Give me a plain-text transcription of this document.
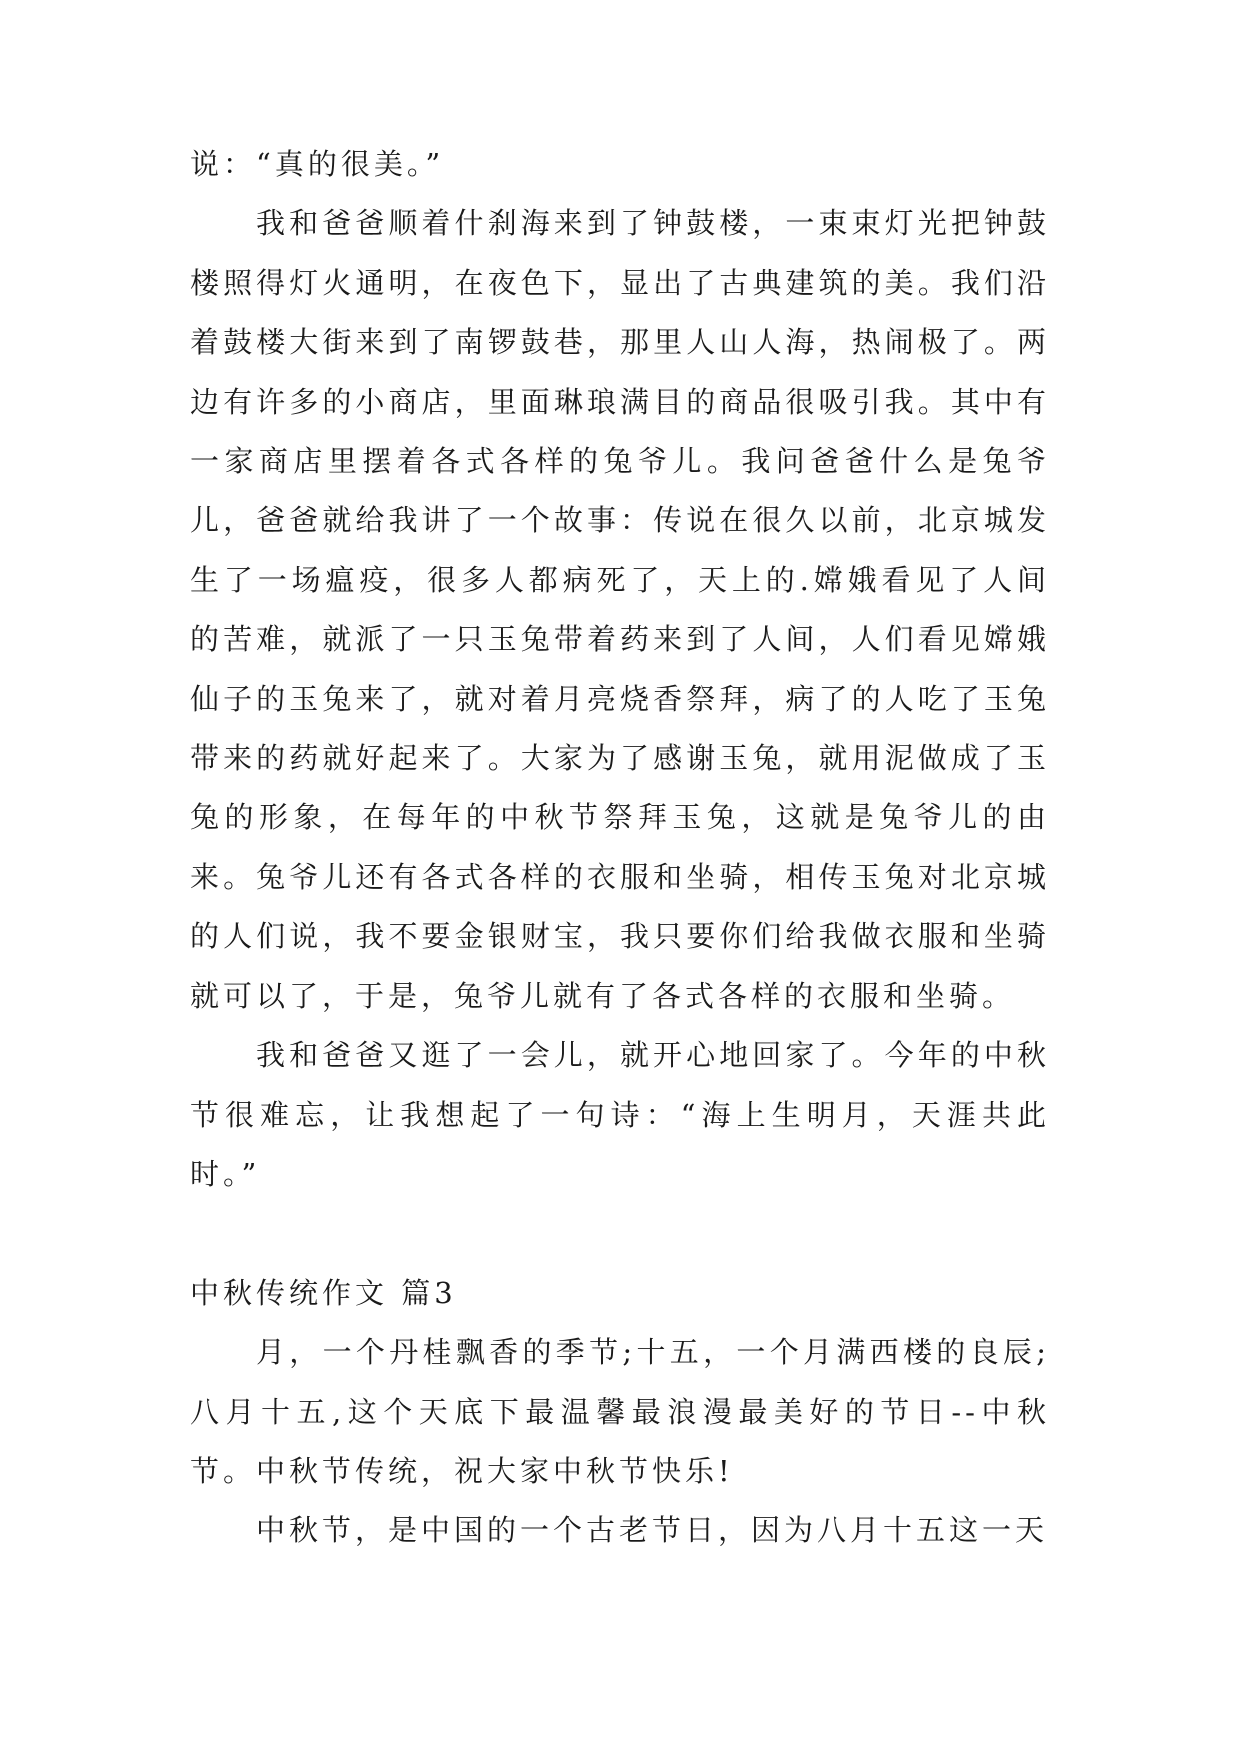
说：“真的很美。”

我和爸爸顺着什刹海来到了钟鼓楼，一束束灯光把钟鼓楼照得灯火通明，在夜色下，显出了古典建筑的美。我们沿着鼓楼大街来到了南锣鼓巷，那里人山人海，热闹极了。两边有许多的小商店，里面琳琅满目的商品很吸引我。其中有一家商店里摆着各式各样的兔爷儿。我问爸爸什么是兔爷儿，爸爸就给我讲了一个故事：传说在很久以前，北京城发生了一场瘟疫，很多人都病死了，天上的.嫦娥看见了人间的苦难，就派了一只玉兔带着药来到了人间，人们看见嫦娥仙子的玉兔来了，就对着月亮烧香祭拜，病了的人吃了玉兔带来的药就好起来了。大家为了感谢玉兔，就用泥做成了玉兔的形象，在每年的中秋节祭拜玉兔，这就是兔爷儿的由来。兔爷儿还有各式各样的衣服和坐骑，相传玉兔对北京城的人们说，我不要金银财宝，我只要你们给我做衣服和坐骑就可以了，于是，兔爷儿就有了各式各样的衣服和坐骑。

我和爸爸又逛了一会儿，就开心地回家了。今年的中秋节很难忘，让我想起了一句诗：“海上生明月，天涯共此时。”

中秋传统作文 篇3

月，一个丹桂飘香的季节;十五，一个月满西楼的良辰;八月十五,这个天底下最温馨最浪漫最美好的节日--中秋节。中秋节传统，祝大家中秋节快乐!

中秋节，是中国的一个古老节日，因为八月十五这一天
